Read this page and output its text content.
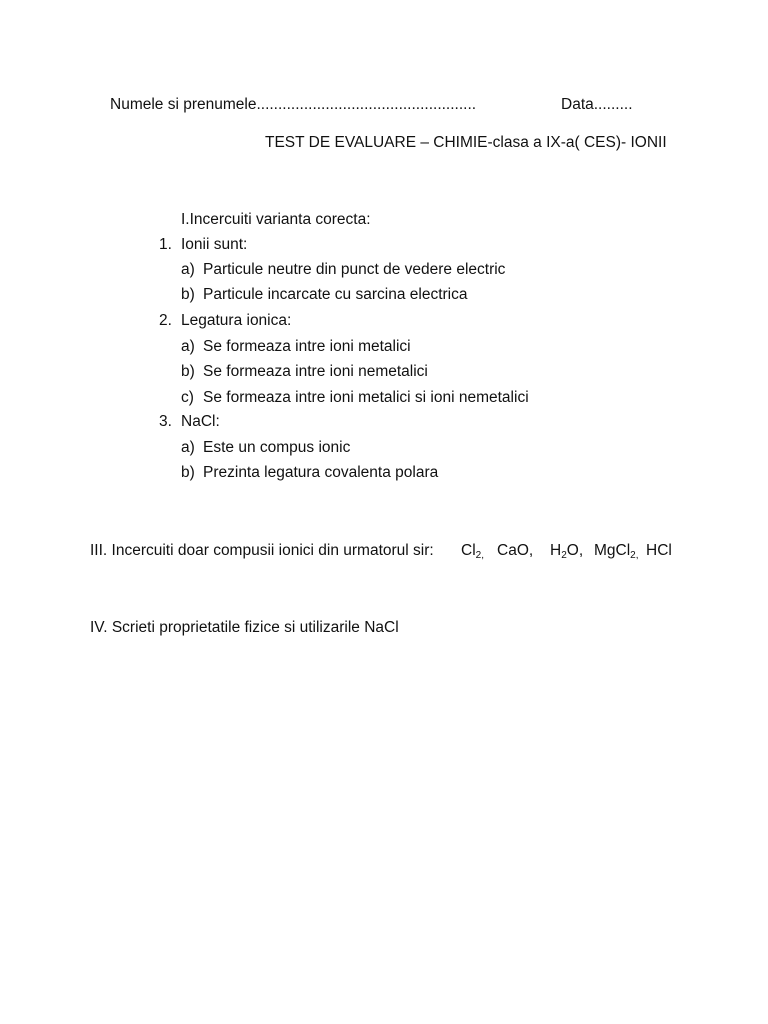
Numele si prenumele...................................................	Data.........
TEST DE EVALUARE – CHIMIE-clasa a IX-a( CES)- IONII
I.Incercuiti varianta corecta:
1. Ionii sunt:
a) Particule neutre din punct de vedere electric
b) Particule incarcate cu sarcina electrica
2. Legatura ionica:
a) Se formeaza intre ioni metalici
b) Se formeaza intre ioni nemetalici
c) Se formeaza intre ioni metalici si ioni nemetalici
3. NaCl:
a) Este un compus ionic
b) Prezinta legatura covalenta polara
III. Incercuiti doar compusii ionici din urmatorul sir: $Cl_{2,}$ CaO, $H_2O$, MgCl$_{2,}$ HCl
IV. Scrieti proprietatile fizice si utilizarile NaCl
